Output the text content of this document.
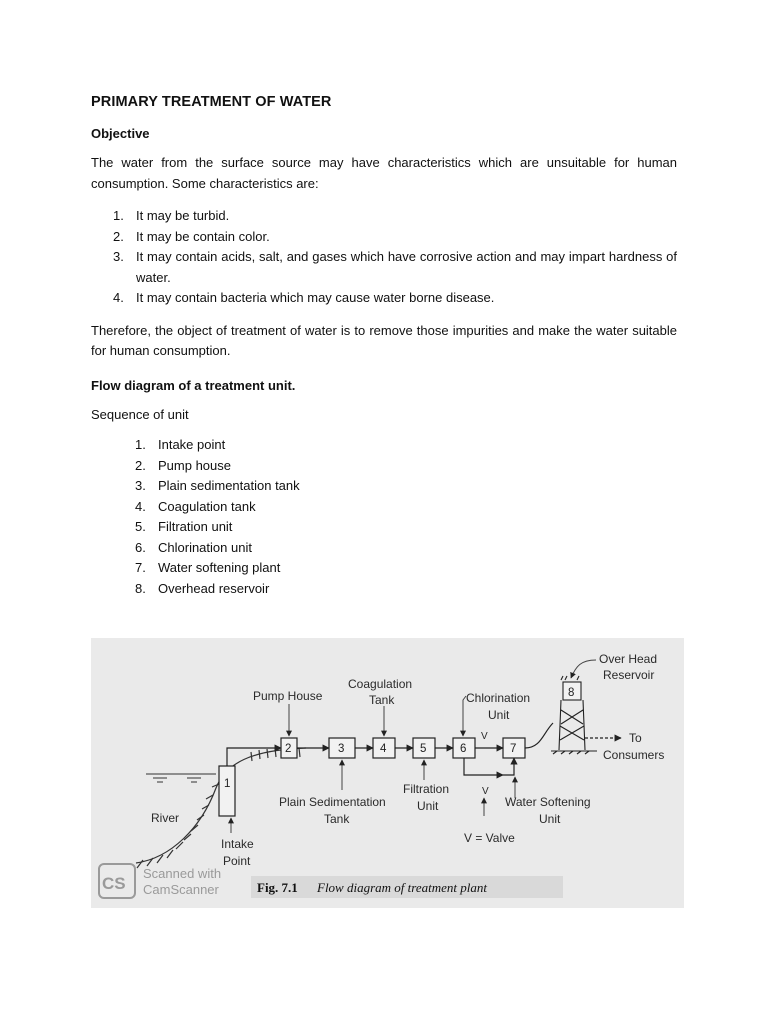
PRIMARY TREATMENT OF WATER
Objective

The water from the surface source may have characteristics which are unsuitable for human consumption. Some characteristics are:

1. It may be turbid.
2. It may be contain color.
3. It may contain acids, salt, and gases which have corrosive action and may impart hardness of water.
4. It may contain bacteria which may cause water borne disease.

Therefore, the object of treatment of water is to remove those impurities and make the water suitable for human consumption.

Flow diagram of a treatment unit.

Sequence of unit

1. Intake point
2. Pump house
3. Plain sedimentation tank
4. Coagulation tank
5. Filtration unit
6. Chlorination unit
7. Water softening plant
8. Overhead reservoir
1
2	3	4	5	6
V
7
V
8
Over Head
Reservoir
Coagulation
Tank
Pump House	Chlorination
Unit
To
Consumers
River
Plain Sedimentation
Tank
Filtration
Unit	Water Softening
Unit
V = Valve
Intake
Point
CS
Scanned with
CamScanner	Fig. 7.1 Flow diagram of treatment plant
